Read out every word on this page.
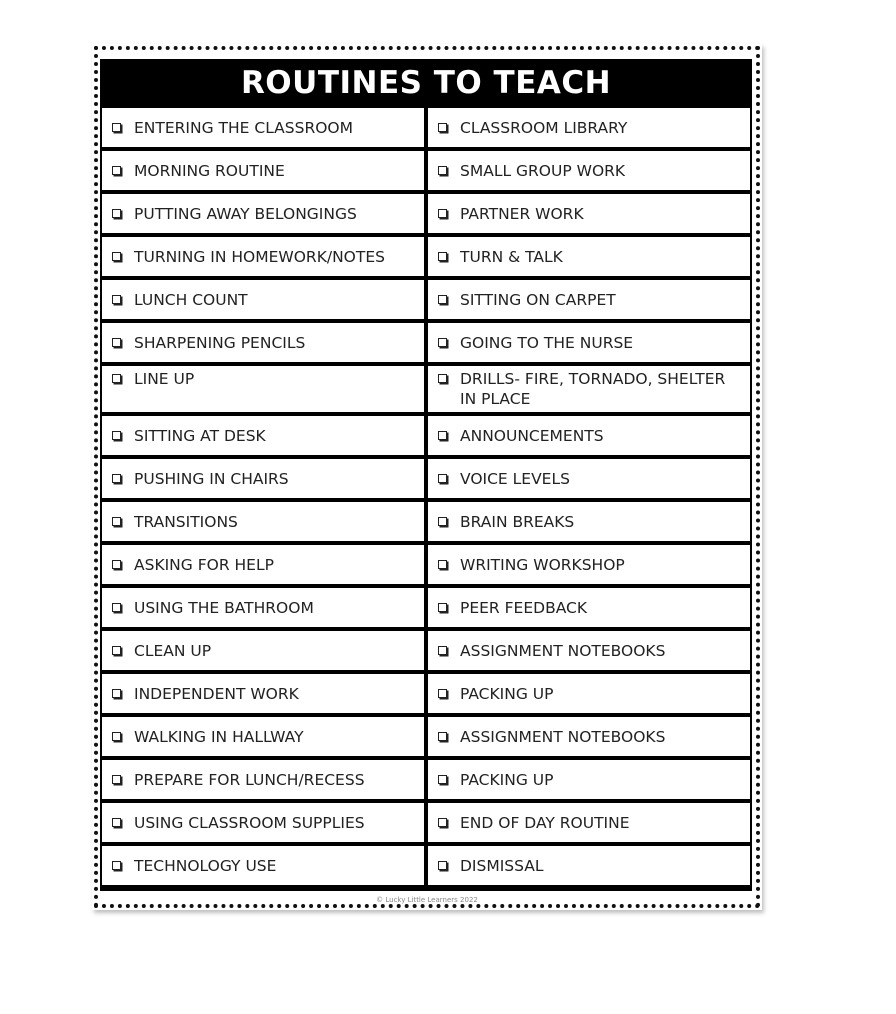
ROUTINES TO TEACH
ENTERING THE CLASSROOM	CLASSROOM LIBRARY
MORNING ROUTINE	SMALL GROUP WORK
PUTTING AWAY BELONGINGS	PARTNER WORK
TURNING IN HOMEWORK/NOTES	TURN & TALK
LUNCH COUNT	SITTING ON CARPET
SHARPENING PENCILS	GOING TO THE NURSE
LINE UP	DRILLS- FIRE, TORNADO, SHELTER IN PLACE
SITTING AT DESK	ANNOUNCEMENTS
PUSHING IN CHAIRS	VOICE LEVELS
TRANSITIONS	BRAIN BREAKS
ASKING FOR HELP	WRITING WORKSHOP
USING THE BATHROOM	PEER FEEDBACK
CLEAN UP	ASSIGNMENT NOTEBOOKS
INDEPENDENT WORK	PACKING UP
WALKING IN HALLWAY	ASSIGNMENT NOTEBOOKS
PREPARE FOR LUNCH/RECESS	PACKING UP
USING CLASSROOM SUPPLIES	END OF DAY ROUTINE
TECHNOLOGY USE	DISMISSAL
© Lucky Little Learners 2022
